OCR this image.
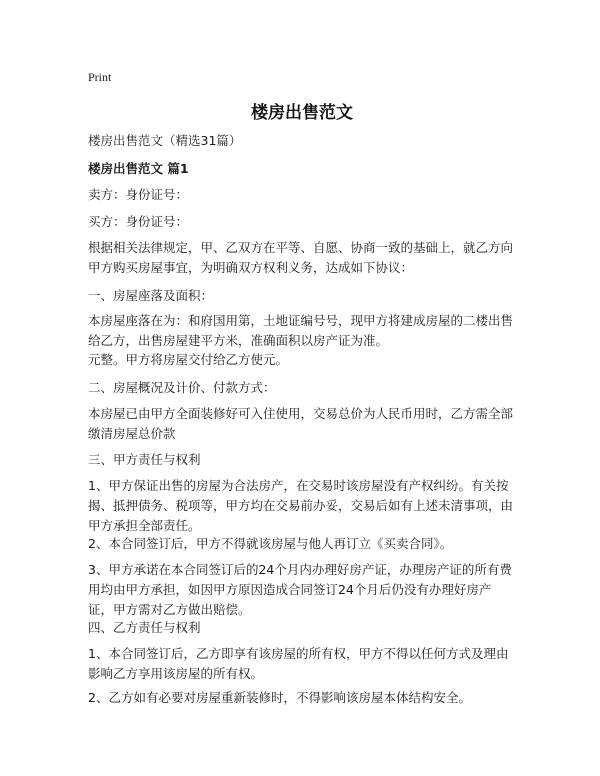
Print
楼房出售范文
楼房出售范文（精选31篇）
楼房出售范文 篇1
卖方：身份证号：
买方：身份证号：
根据相关法律规定，甲、乙双方在平等、自愿、协商一致的基础上，就乙方向甲方购买房屋事宜，为明确双方权利义务，达成如下协议：
一、房屋座落及面积：
本房屋座落在为：和府国用第，土地证编号号，现甲方将建成房屋的二楼出售给乙方，出售房屋建平方米，准确面积以房产证为准。
元整。甲方将房屋交付给乙方使元。
二、房屋概况及计价、付款方式：
本房屋已由甲方全面装修好可入住使用，交易总价为人民币用时，乙方需全部缴清房屋总价款
三、甲方责任与权利
1、甲方保证出售的房屋为合法房产，在交易时该房屋没有产权纠纷。有关按揭、抵押债务、税项等，甲方均在交易前办妥，交易后如有上述未清事项，由甲方承担全部责任。
2、本合同签订后，甲方不得就该房屋与他人再订立《买卖合同》。
3、甲方承诺在本合同签订后的24个月内办理好房产证，办理房产证的所有费用均由甲方承担，如因甲方原因造成合同签订24个月后仍没有办理好房产证，甲方需对乙方做出赔偿。
四、乙方责任与权利
1、本合同签订后，乙方即享有该房屋的所有权，甲方不得以任何方式及理由影响乙方享用该房屋的所有权。
2、乙方如有必要对房屋重新装修时，不得影响该房屋本体结构安全。
